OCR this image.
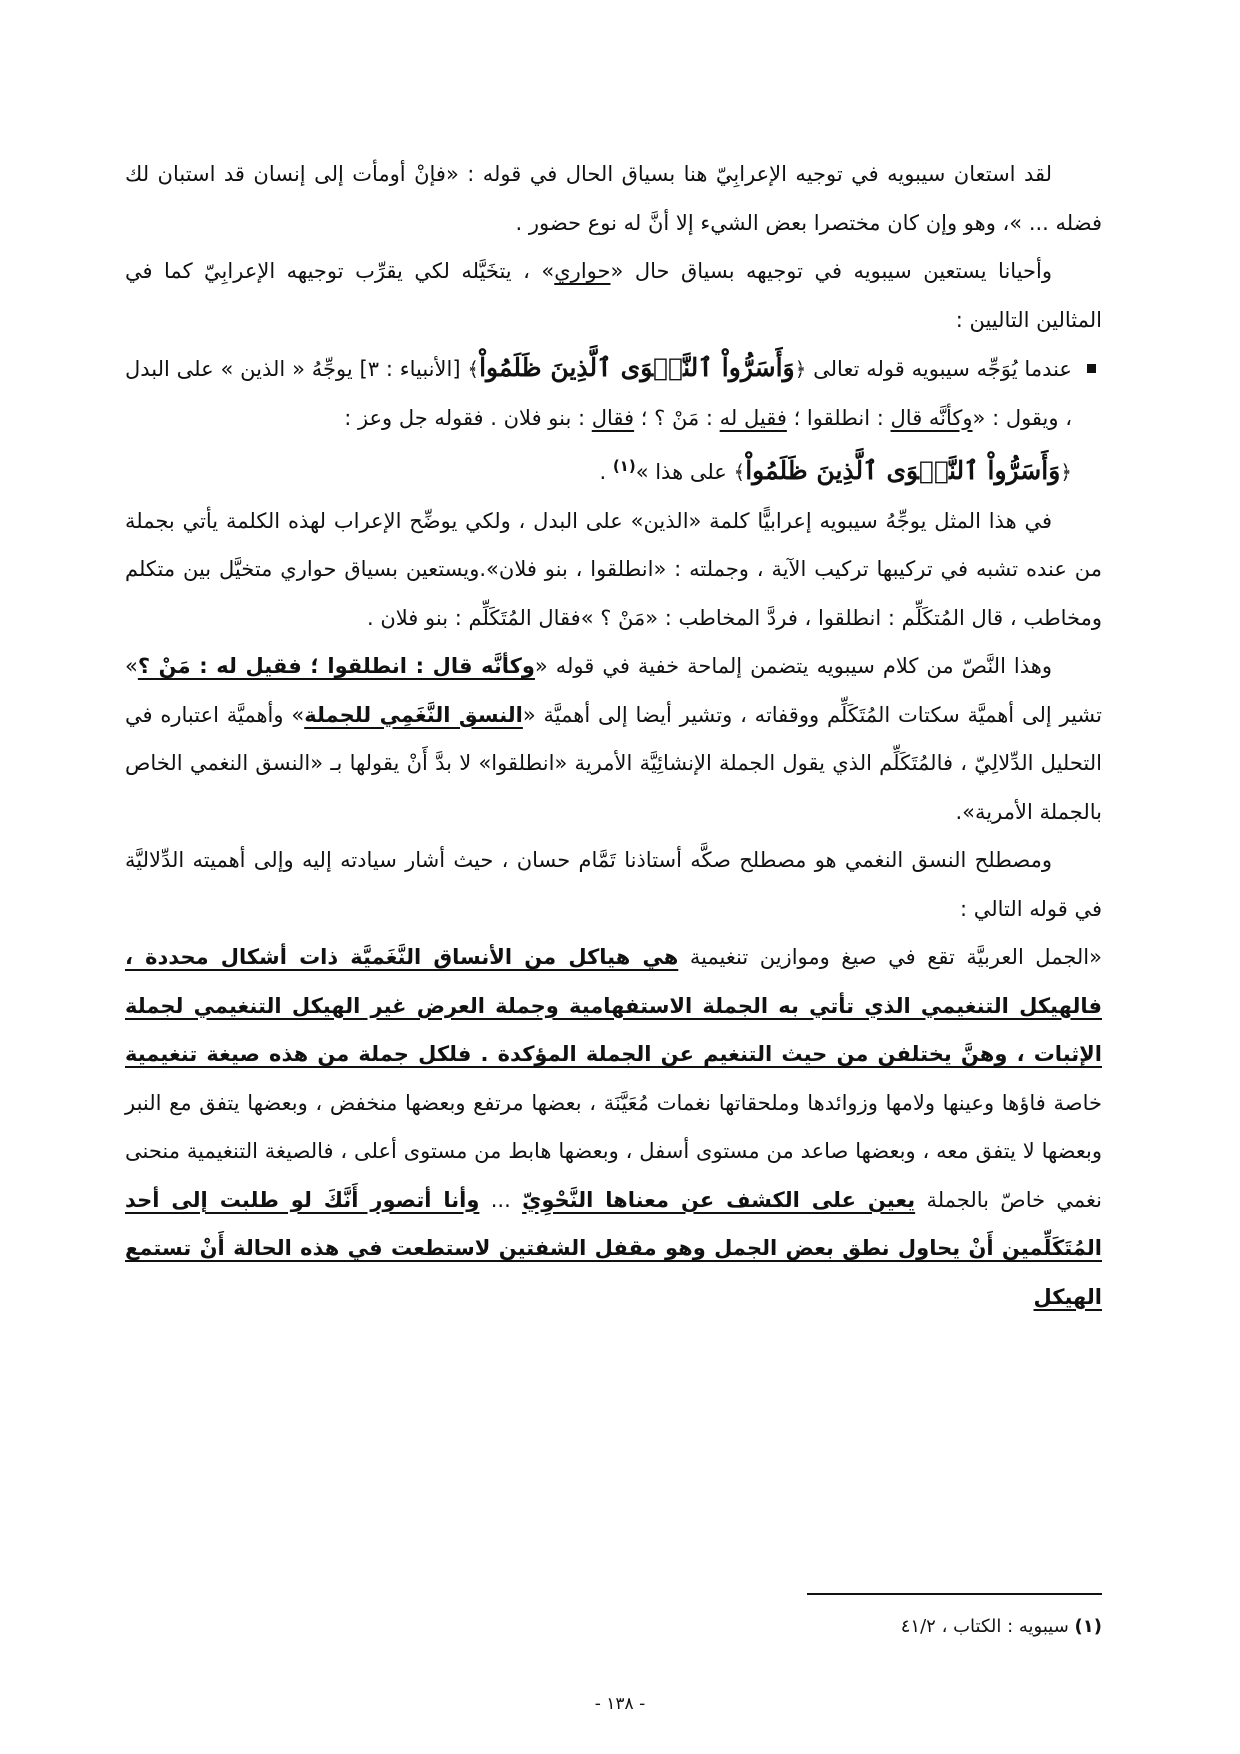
لقد استعان سيبويه في توجيه الإعرابِيّ هنا بسياق الحال في قوله : «فإنْ أومأت إلى إنسان قد استبان لك فضله ... »، وهو وإن كان مختصرا بعض الشيء إلا أنَّ له نوع حضور .

وأحيانا يستعين سيبويه في توجيهه بسياق حال «حواري» ، يتخَيَّله لكي يقرِّب توجيهه الإعرابِيّ كما في المثالين التاليين :

عندما يُوَجِّه سيبويه قوله تعالى ﴿وَأَسَرُّواْ ٱلنَّجۡوَى ٱلَّذِينَ ظَلَمُواْ﴾ [الأنبياء : ٣] يوجِّهُ « الذين » على البدل ، ويقول : «وكأنَّه قال : انطلقوا ؛ فقيل له : مَنْ ؟ ؛ فقال : بنو فلان . فقوله جل وعز :
﴿وَأَسَرُّواْ ٱلنَّجۡوَى ٱلَّذِينَ ظَلَمُواْ﴾ على هذا »$^{(١)}$ .

في هذا المثل يوجِّهُ سيبويه إعرابيًّا كلمة «الذين» على البدل ، ولكي يوضِّح الإعراب لهذه الكلمة يأتي بجملة من عنده تشبه في تركيبها تركيب الآية ، وجملته : «انطلقوا ، بنو فلان».ويستعين بسياق حواري متخيَّل بين متكلم ومخاطب ، قال المُتكَلِّم : انطلقوا ، فردَّ المخاطب : «مَنْ ؟ »فقال المُتَكَلِّم : بنو فلان .

وهذا النَّصّ من كلام سيبويه يتضمن إلماحة خفية في قوله «وكأنَّه قال : انطلقوا ؛ فقيل له : مَنْ ؟» تشير إلى أهميَّة سكتات المُتَكَلِّم ووقفاته ، وتشير أيضا إلى أهميَّة «النسق النَّغَمِي للجملة» وأهميَّة اعتباره في التحليل الدِّلالِيّ ، فالمُتَكَلِّم الذي يقول الجملة الإنشائِيَّة الأمرية «انطلقوا» لا بدَّ أَنْ يقولها بـ «النسق النغمي الخاص بالجملة الأمرية».

ومصطلح النسق النغمي هو مصطلح صكَّه أستاذنا تَمَّام حسان ، حيث أشار سيادته إليه وإلى أهميته الدِّلاليَّة في قوله التالي :

«الجمل العربيَّة تقع في صيغ وموازين تنغيمية هي هياكل من الأنساق النَّغَميَّة ذات أشكال محددة ، فالهيكل التنغيمي الذي تأتي به الجملة الاستفهامية وجملة العرض غير الهيكل التنغيمي لجملة الإثبات ، وهنَّ يختلفن من حيث التنغيم عن الجملة المؤكدة . فلكل جملة من هذه صيغة تنغيمية خاصة فاؤها وعينها ولامها وزوائدها وملحقاتها نغمات مُعَيَّنَة ، بعضها مرتفع وبعضها منخفض ، وبعضها يتفق مع النبر وبعضها لا يتفق معه ، وبعضها صاعد من مستوى أسفل ، وبعضها هابط من مستوى أعلى ، فالصيغة التنغيمية منحنى نغمي خاصّ بالجملة يعين على الكشف عن معناها النَّحْوِيّ ... وأنا أتصور أَنَّكَ لو طلبت إلى أحد المُتَكَلِّمين أَنْ يحاول نطق بعض الجمل وهو مقفل الشفتين لاستطعت في هذه الحالة أَنْ تستمع الهيكل

(١) سيبويه : الكتاب ، ٤١/٢
- ١٣٨ -
